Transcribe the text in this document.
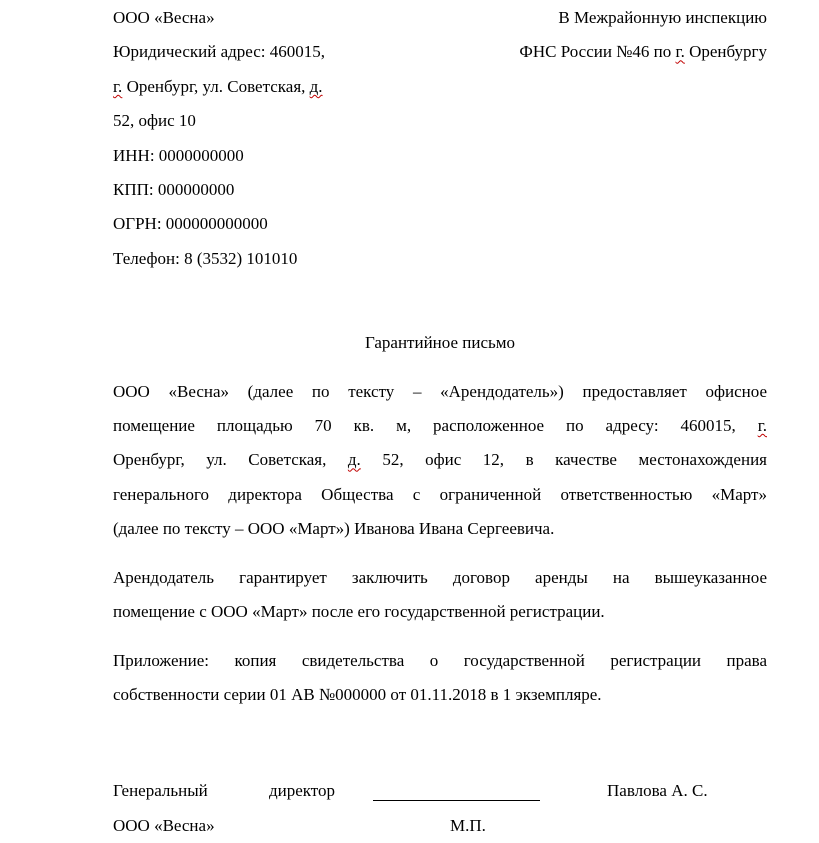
ООО «Весна»
Юридический адрес: 460015,
г. Оренбург, ул. Советская, д.
52, офис 10
ИНН: 0000000000
КПП: 000000000
ОГРН: 000000000000
Телефон: 8 (3532) 101010
В Межрайонную инспекцию
ФНС России №46 по г. Оренбургу
Гарантийное письмо
ООО «Весна» (далее по тексту – «Арендодатель») предоставляет офисное
помещение площадью 70 кв. м, расположенное по адресу: 460015, г.
Оренбург, ул. Советская, д. 52, офис 12, в качестве местонахождения
генерального директора Общества с ограниченной ответственностью «Март»
(далее по тексту – ООО «Март») Иванова Ивана Сергеевича.
Арендодатель гарантирует заключить договор аренды на вышеуказанное
помещение с ООО «Март» после его государственной регистрации.
Приложение: копия свидетельства о государственной регистрации права
собственности серии 01 АВ №000000 от 01.11.2018 в 1 экземпляре.
Генеральный директор	Павлова А. С.
ООО «Весна»	М.П.
